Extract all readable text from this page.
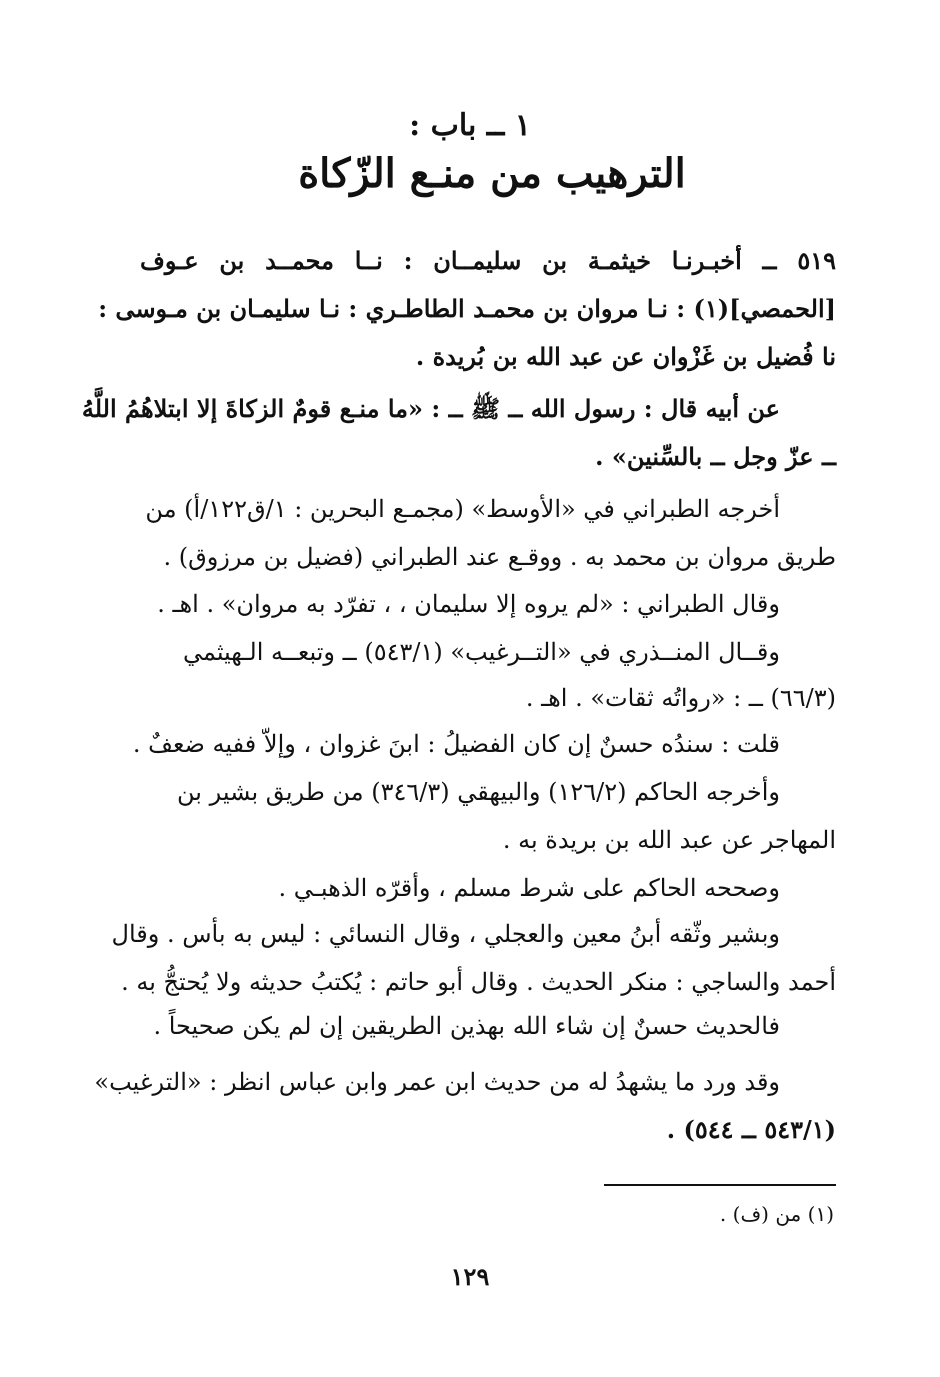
١ ــ باب :
الترهيب من منـع الزّكاة
٥١٩ ــ أخبـرنـا خيثمـة بن سليمــان : نــا محمــد بن عـوف
[الحمصي](١) : نـا مروان بن محمـد الطاطـري : نـا سليمـان بن مـوسى :
نا فُضيل بن غَزْوان عن عبد الله بن بُريدة .
عن أبيه قال : رسول الله ــ ﷺ ــ : «ما منـع قومٌ الزكاةَ إلا ابتلاهُمُ اللَّهُ
ــ عزّ وجل ــ بالسِّنين» .
أخرجه الطبراني في «الأوسط» (مجمـع البحرين : ١/ق١٢٢/أ) من
طريق مروان بن محمد به . ووقـع عند الطبراني (فضيل بن مرزوق) .
وقال الطبراني : «لم يروه إلا سليمان ، ، تفرّد به مروان» . اهـ .
وقــال المنــذري في «التــرغيب» (٥٤٣/١) ــ وتبعــه الـهيثمي
(٦٦/٣) ــ : «رواتُه ثقات» . اهـ .
قلت : سندُه حسنٌ إن كان الفضيلُ : ابنَ غزوان ، وإلاّ ففيه ضعفٌ .
وأخرجه الحاكم (١٢٦/٢) والبيهقي (٣٤٦/٣) من طريق بشير بن
المهاجر عن عبد الله بن بريدة به .
وصححه الحاكم على شرط مسلم ، وأقرّه الذهبـي .
وبشير وثّقه أبنُ معين والعجلي ، وقال النسائي : ليس به بأس . وقال
أحمد والساجي : منكر الحديث . وقال أبو حاتم : يُكتبُ حديثه ولا يُحتجُّ به .
فالحديث حسنٌ إن شاء الله بهذين الطريقين إن لم يكن صحيحاً .
وقد ورد ما يشهدُ له من حديث ابن عمر وابن عباس انظر : «الترغيب»
(٥٤٣/١ ــ ٥٤٤) .
(١) من (ف) .
١٢٩
